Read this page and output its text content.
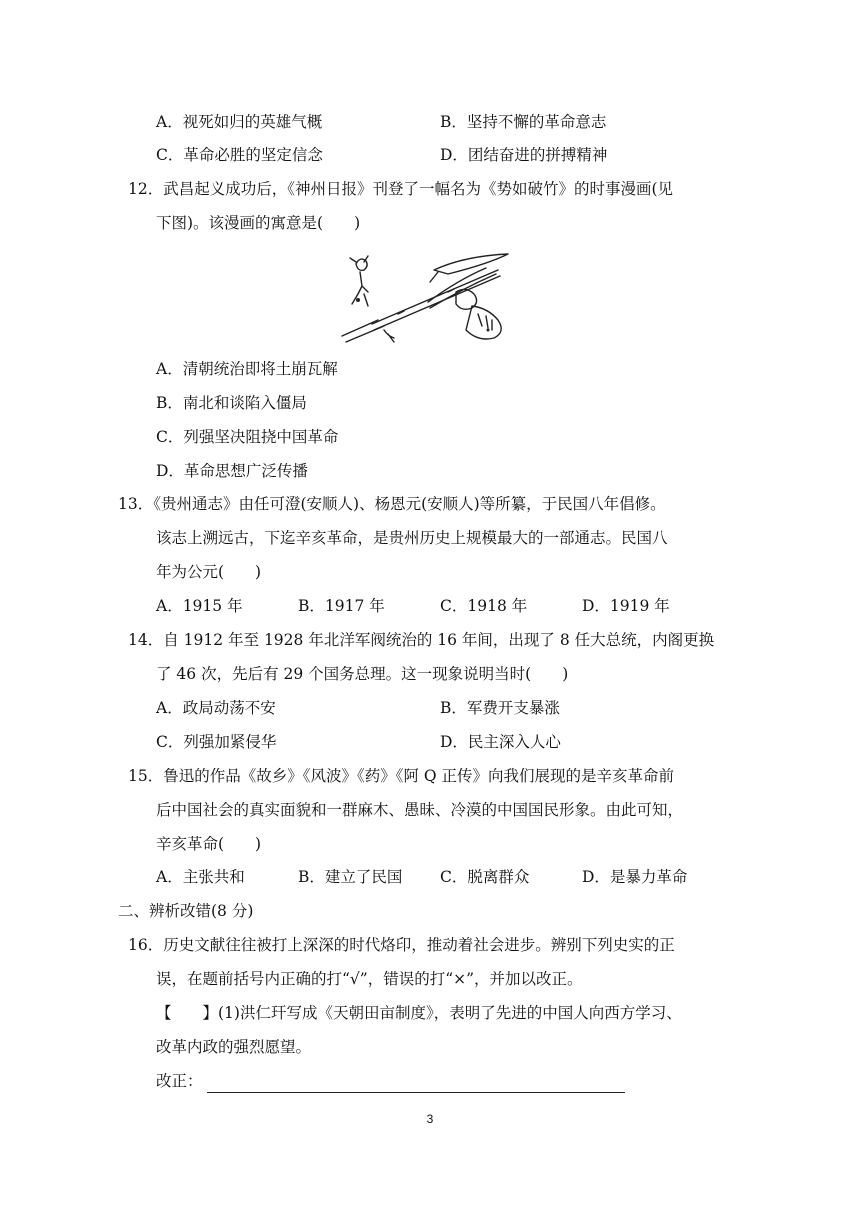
A．视死如归的英雄气概	B．坚持不懈的革命意志
C．革命必胜的坚定信念	D．团结奋进的拼搏精神
12．武昌起义成功后，《神州日报》刊登了一幅名为《势如破竹》的时事漫画(见
下图)。该漫画的寓意是(　　)
A．清朝统治即将土崩瓦解
B．南北和谈陷入僵局
C．列强坚决阻挠中国革命
D．革命思想广泛传播
13．《贵州通志》由任可澄(安顺人)、杨恩元(安顺人)等所纂，于民国八年倡修。
该志上溯远古，下迄辛亥革命，是贵州历史上规模最大的一部通志。民国八
年为公元(　　)
A．1915 年	B．1917 年	C．1918 年	D．1919 年
14．自 1912 年至 1928 年北洋军阀统治的 16 年间，出现了 8 任大总统，内阁更换
了 46 次，先后有 29 个国务总理。这一现象说明当时(　　)
A．政局动荡不安	B．军费开支暴涨
C．列强加紧侵华	D．民主深入人心
15．鲁迅的作品《故乡》《风波》《药》《阿 Q 正传》向我们展现的是辛亥革命前
后中国社会的真实面貌和一群麻木、愚昧、冷漠的中国国民形象。由此可知，
辛亥革命(　　)
A．主张共和	B．建立了民国 C．脱离群众	D．是暴力革命
二、辨析改错(8 分)
16．历史文献往往被打上深深的时代烙印，推动着社会进步。辨别下列史实的正
误，在题前括号内正确的打“√”，错误的打“×”，并加以改正。
【　　】(1)洪仁玕写成《天朝田亩制度》，表明了先进的中国人向西方学习、
改革内政的强烈愿望。
改正：
3
